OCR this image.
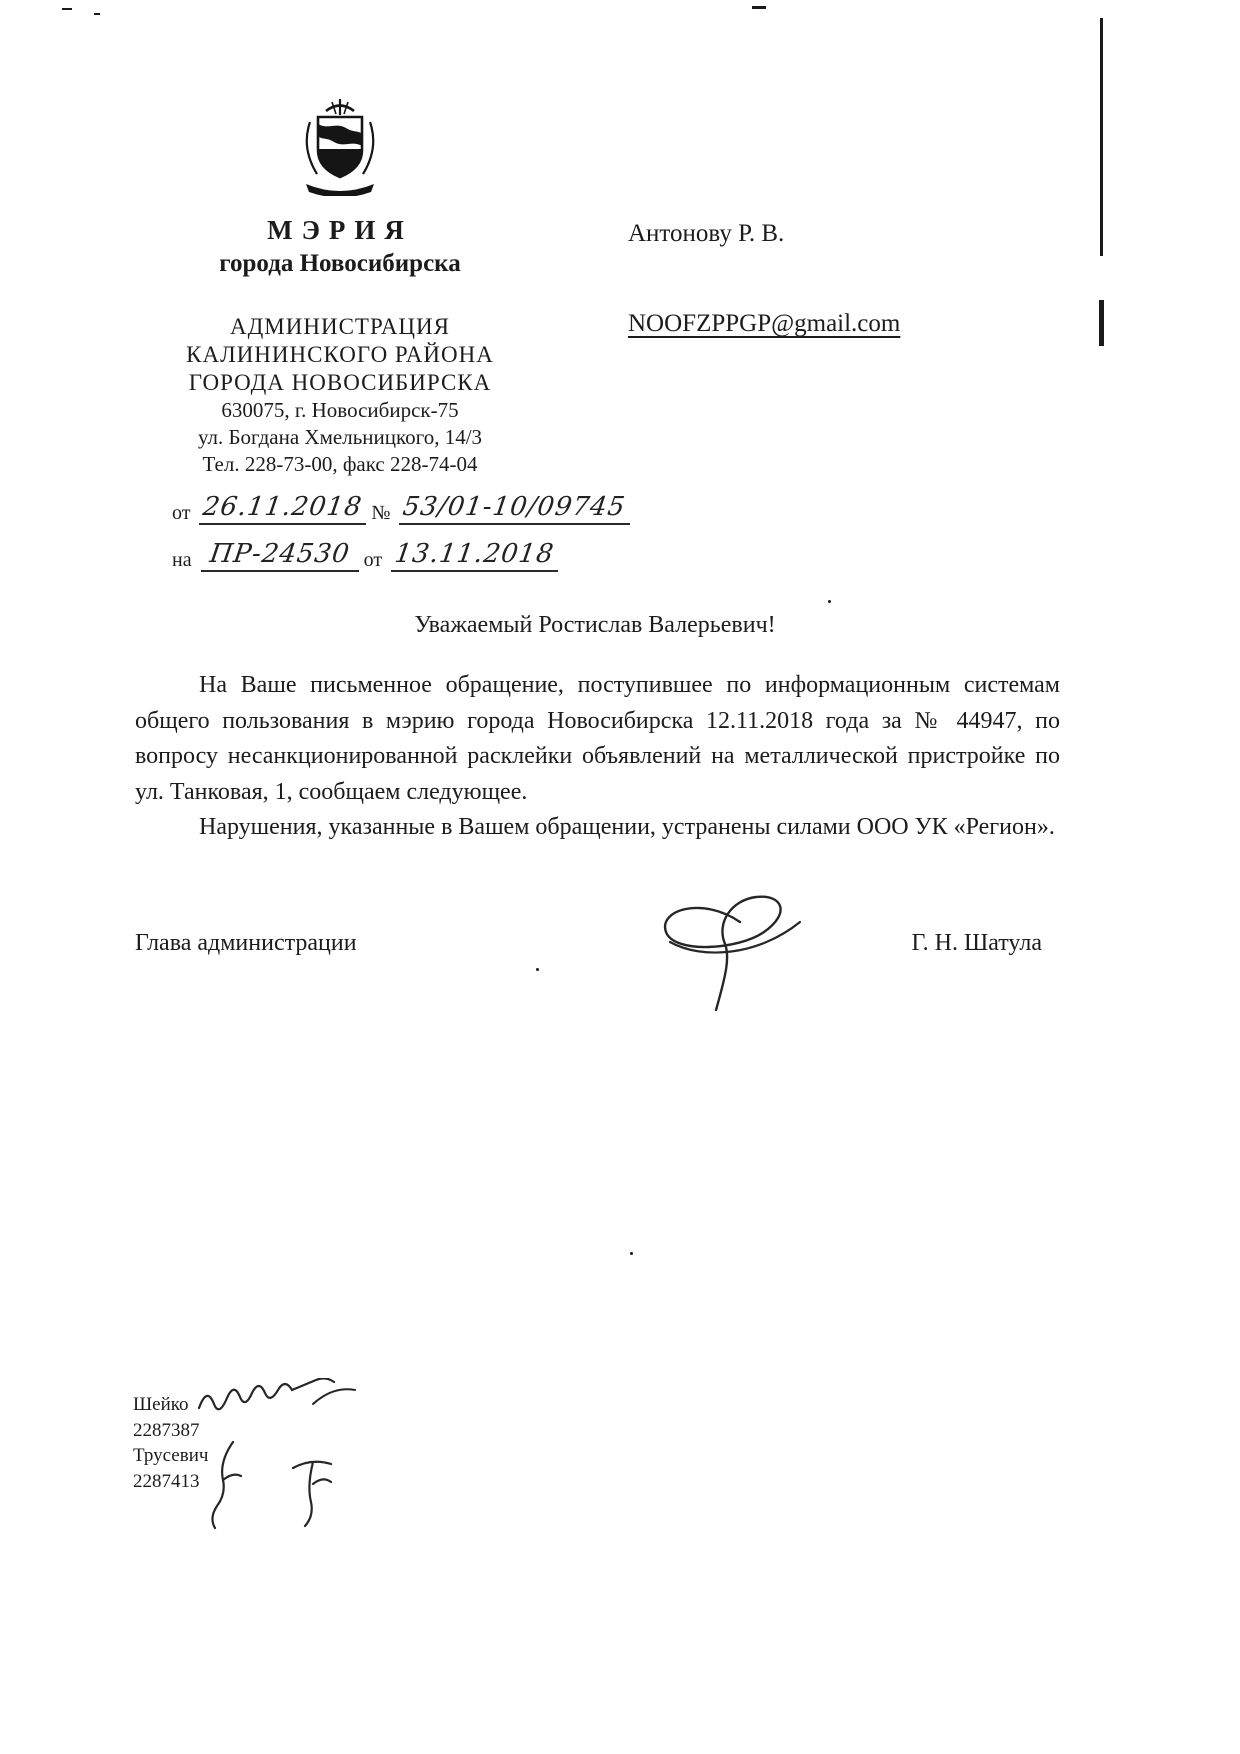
МЭРИЯ
города Новосибирска
АДМИНИСТРАЦИЯ
КАЛИНИНСКОГО РАЙОНА
ГОРОДА НОВОСИБИРСКА
630075, г. Новосибирск-75
ул. Богдана Хмельницкого, 14/3
Тел. 228-73-00, факс 228-74-04
от 26.11.2018 № 53/01-10/09745
на ПР-24530 от 13.11.2018
Антонову Р. В.
NOOFZPPGP@gmail.com
Уважаемый Ростислав Валерьевич!

На Ваше письменное обращение, поступившее по информационным системам общего пользования в мэрию города Новосибирска 12.11.2018 года за № 44947, по вопросу несанкционированной расклейки объявлений на металлической пристройке по ул. Танковая, 1, сообщаем следующее.

Нарушения, указанные в Вашем обращении, устранены силами ООО УК «Регион».

Глава администрации	Г. Н. Шатула

Шейко

2287387

Трусевич

2287413
